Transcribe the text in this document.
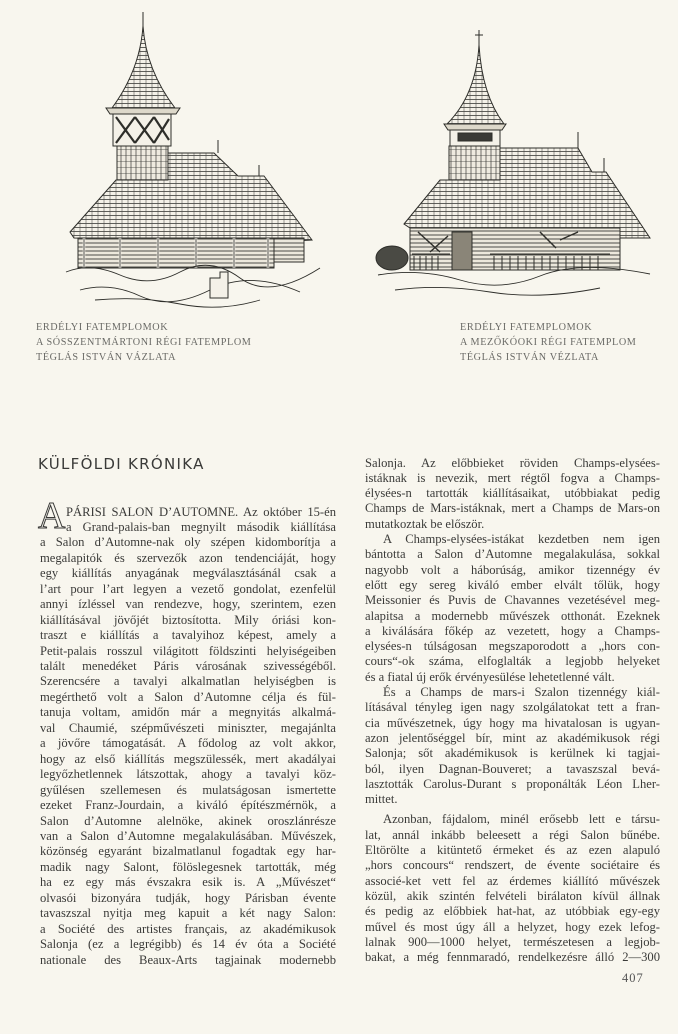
ERDÉLYI FATEMPLOMOK
A SÓSSZENTMÁRTONI RÉGI FATEMPLOM
TÉGLÁS ISTVÁN VÁZLATA
ERDÉLYI FATEMPLOMOK
A MEZŐKÓOKI RÉGI FATEMPLOM
TÉGLÁS ISTVÁN VÉZLATA
KÜLFÖLDI KRÓNIKA
A PÁRISI SALON D’AUTOMNE. Az október 15-én
a Grand-palais-ban megnyilt második kiállítása
a Salon d’Automne-nak oly szépen kidomborítja a
megalapitók és szervezők azon tendenciáját, hogy
egy kiállítás anyagának megválasztásánál csak a
l’art pour l’art legyen a vezető gondolat, ezenfelül
annyi ízléssel van rendezve, hogy, szerintem, ezen
kiállításával jövőjét biztosította. Mily óriási kon-
traszt e kiállítás a tavalyihoz képest, amely a
Petit-palais rosszul világitott földszinti helyiségeiben
talált menedéket Páris városának szivességéből.
Szerencsére a tavalyi alkalmatlan helyiségben is
megérthető volt a Salon d’Automne célja és fül-
tanuja voltam, amidőn már a megnyitás alkalmá-
val Chaumié, szépművészeti miniszter, megajánlta
a jövőre támogatását. A fődolog az volt akkor,
hogy az első kiállítás megszülessék, mert akadályai
legyőzhetlennek látszottak, ahogy a tavalyi köz-
gyűlésen szellemesen és mulatságosan ismertette
ezeket Franz-Jourdain, a kiváló építészmérnök, a
Salon d’Automne alelnöke, akinek oroszlánrésze
van a Salon d’Automne megalakulásában. Művészek,
közönség egyaránt bizalmatlanul fogadtak egy har-
madik nagy Salont, fölöslegesnek tartották, még
ha ez egy más évszakra esik is. A „Művészet“
olvasói bizonyára tudják, hogy Párisban évente
tavaszszal nyitja meg kapuit a két nagy Salon:
a Société des artistes français, az akadémikusok
Salonja (ez a legrégibb) és 14 év óta a Société
nationale des Beaux-Arts tagjainak modernebb
Salonja. Az előbbieket röviden Champs-elysées-
istáknak is nevezik, mert régtől fogva a Champs-
élysées-n tartották kiállításaikat, utóbbiakat pedig
Champs de Mars-istáknak, mert a Champs de Mars-on
mutatkoztak be először.
A Champs-elysées-istákat kezdetben nem igen
bántotta a Salon d’Automne megalakulása, sokkal
nagyobb volt a háborúság, amikor tizennégy év
előtt egy sereg kiváló ember elvált tőlük, hogy
Meissonier és Puvis de Chavannes vezetésével meg-
alapitsa a modernebb művészek otthonát. Ezeknek
a kiválására főkép az vezetett, hogy a Champs-
elysées-n túlságosan megszaporodott a „hors con-
cours“-ok száma, elfoglalták a legjobb helyeket
és a fiatal új erők érvényesülése lehetetlenné vált.
És a Champs de mars-i Szalon tizennégy kiál-
lításával tényleg igen nagy szolgálatokat tett a fran-
cia művészetnek, úgy hogy ma hivatalosan is ugyan-
azon jelentőséggel bír, mint az akadémikusok régi
Salonja; sőt akadémikusok is kerülnek ki tagjai-
ból, ilyen Dagnan-Bouveret; a tavaszszal bevá-
lasztották Carolus-Durant s proponálták Léon Lher-
mittet.
Azonban, fájdalom, minél erősebb lett e társu-
lat, annál inkább beleesett a régi Salon bűnébe.
Eltörölte a kitüntető érmeket és az ezen alapuló
„hors concours“ rendszert, de évente sociétaire és
associé-ket vett fel az érdemes kiállító művészek
közül, akik szintén felvételi birálaton kívül állnak
és pedig az előbbiek hat-hat, az utóbbiak egy-egy
művel és most úgy áll a helyzet, hogy ezek lefog-
lalnak 900—1000 helyet, természetesen a legjob-
bakat, a még fennmaradó, rendelkezésre álló 2—300
407
